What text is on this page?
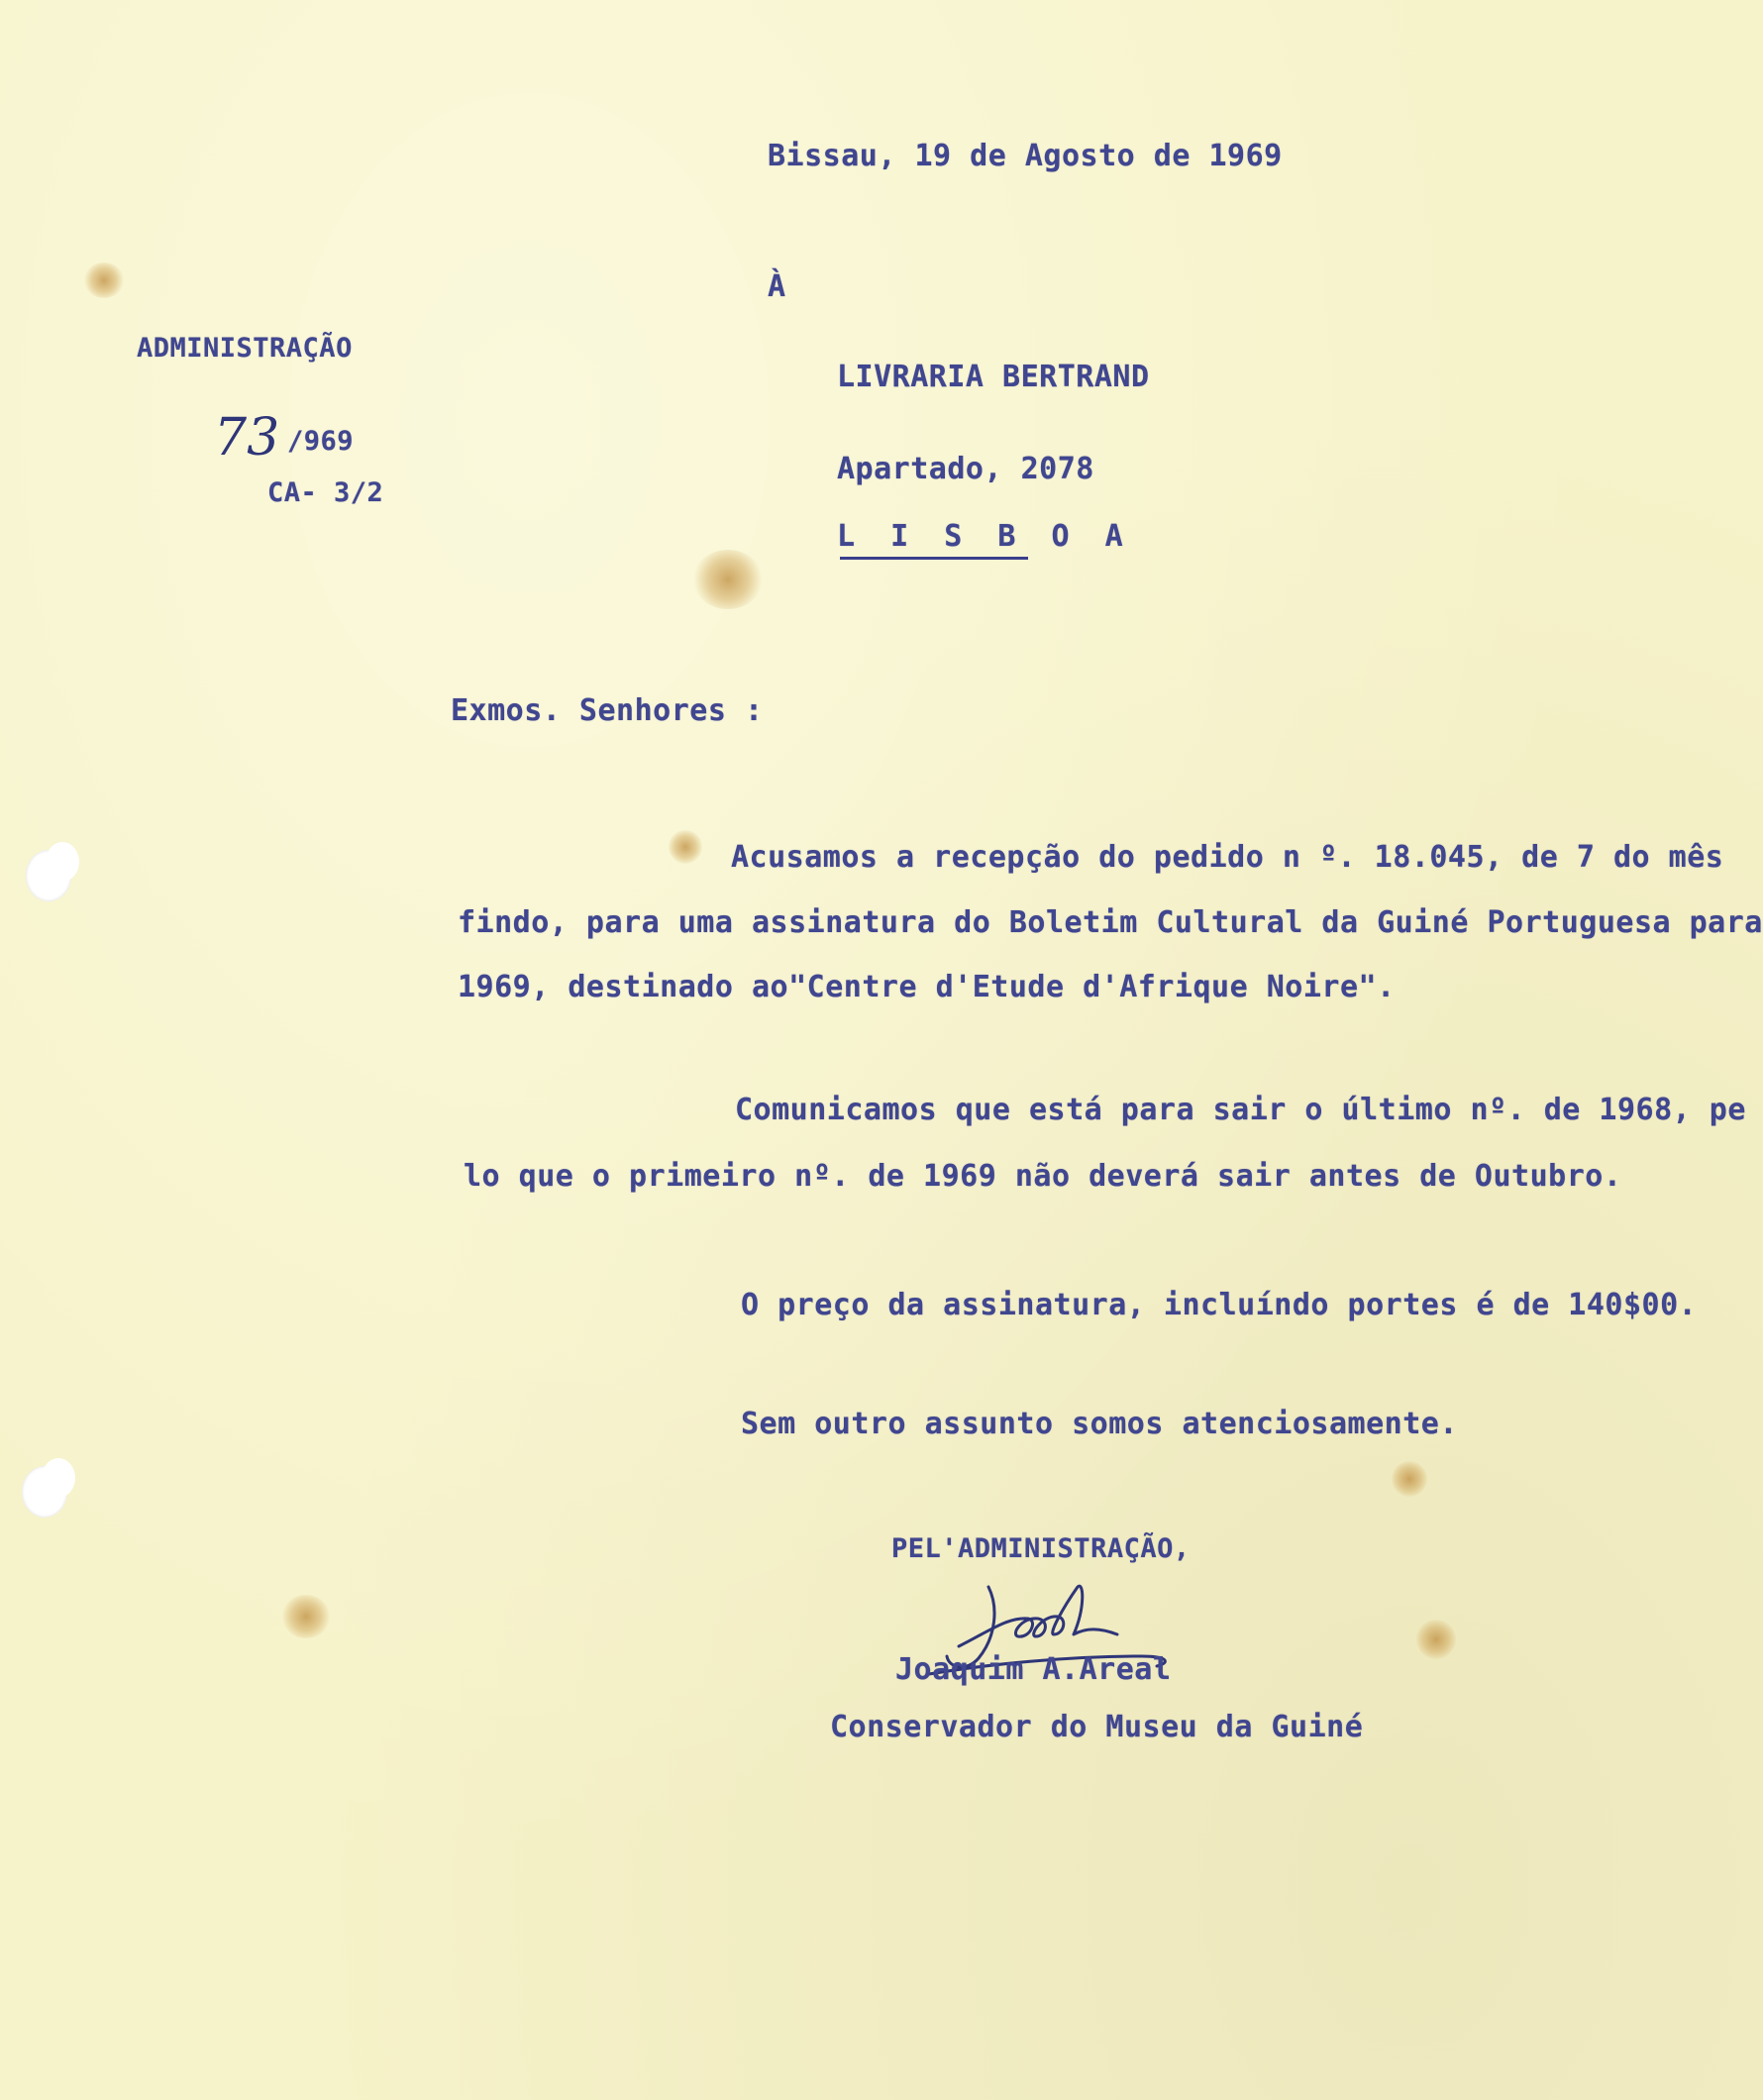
Bissau, 19 de Agosto de 1969
À
ADMINISTRAÇÃO
73 /969
CA- 3/2
LIVRARIA BERTRAND
Apartado, 2078
L I S B O A
Exmos. Senhores :
Acusamos a recepção do pedido n º. 18.045, de 7 do mês
findo, para uma assinatura do Boletim Cultural da Guiné Portuguesa para
1969, destinado ao"Centre d'Etude d'Afrique Noire".
Comunicamos que está para sair o último nº. de 1968, pe
lo que o primeiro nº. de 1969 não deverá sair antes de Outubro.
O preço da assinatura, incluíndo portes é de 140$00.
Sem outro assunto somos atenciosamente.
PEL'ADMINISTRAÇÃO,
Joaquim A.Areal
Conservador do Museu da Guiné
